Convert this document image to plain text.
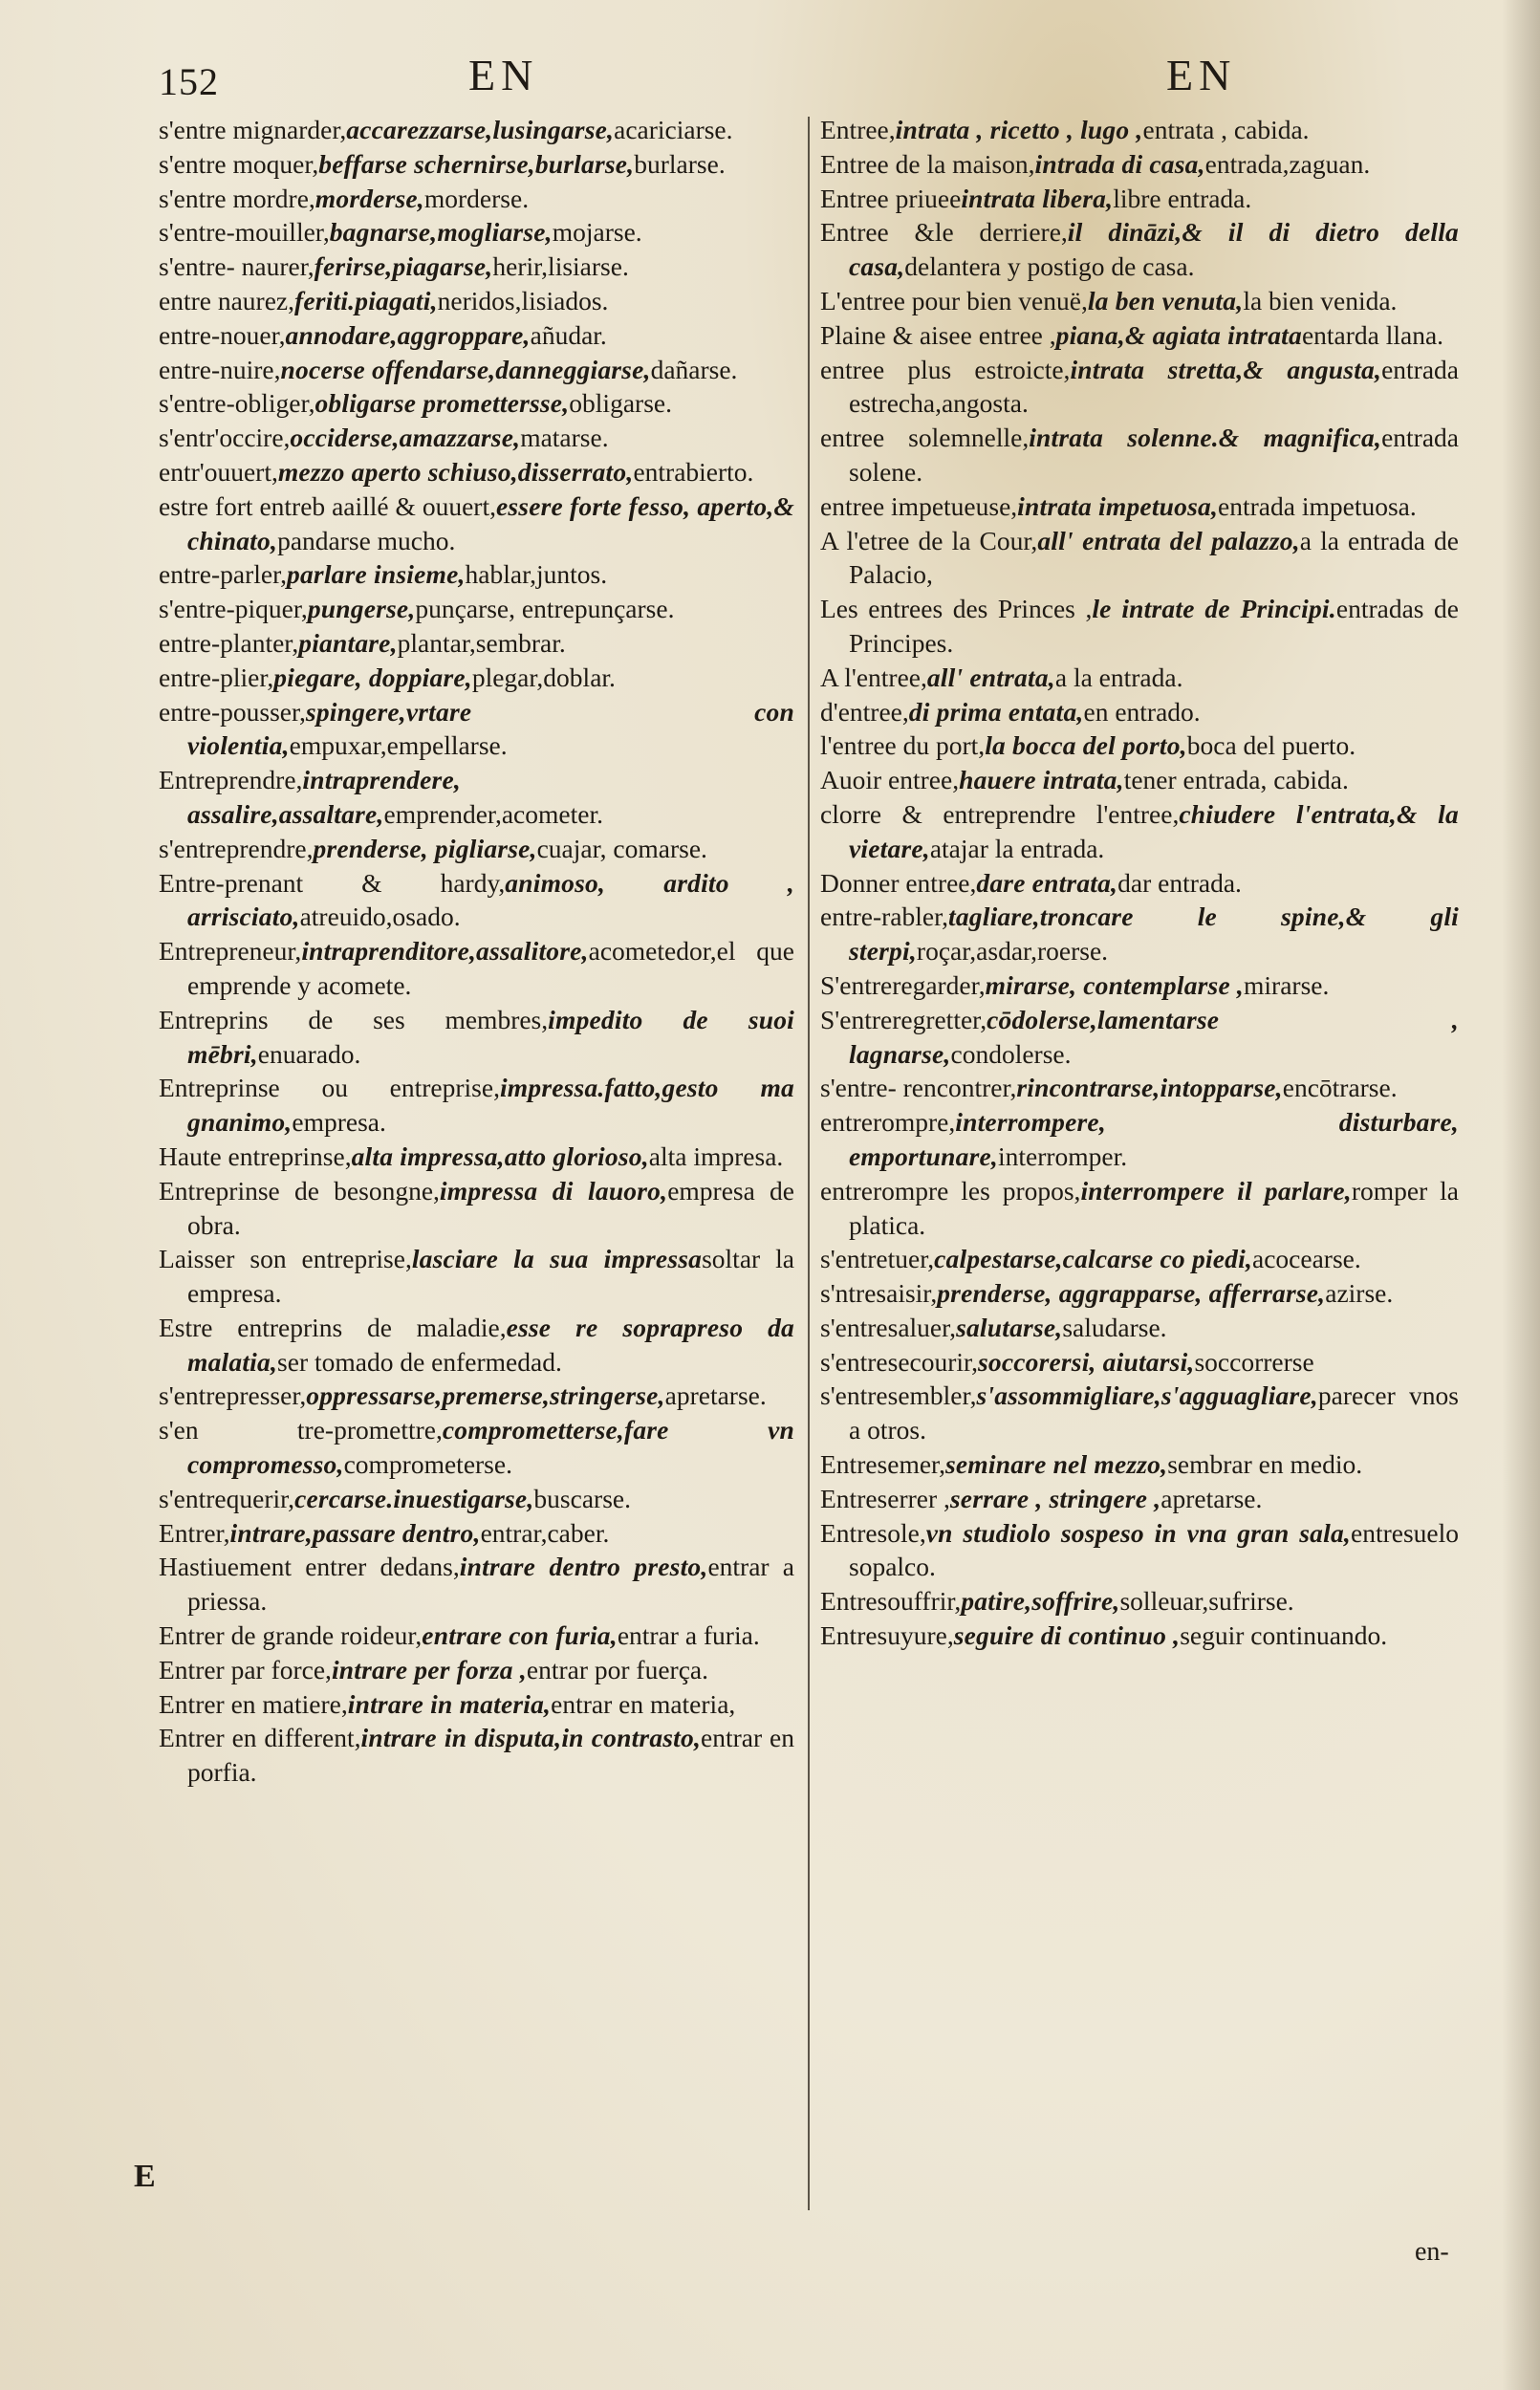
152	EN	EN

s'entre mignarder,accarezzarse,lusingarse,acariciarse.

s'entre moquer,beffarse schernirse,burlarse,burlarse.

s'entre mordre,morderse,morderse.

s'entre-mouiller,bagnarse,mogliarse,mojarse.

s'entre- naurer,ferirse,piagarse,herir,lisiarse.

entre naurez,feriti.piagati,neridos,lisiados.

entre-nouer,annodare,aggroppare,añudar.

entre-nuire,nocerse offendarse,danneggiarse,dañarse.

s'entre-obliger,obligarse promettersse,obligarse.

s'entr'occire,occiderse,amazzarse,matarse.

entr'ouuert,mezzo aperto schiuso,disserrato,entrabierto.

estre fort entreb aaillé & ouuert,essere forte fesso, aperto,& chinato,pandarse mucho.

entre-parler,parlare insieme,hablar,juntos.

s'entre-piquer,pungerse,punçarse, entrepunçarse.

entre-planter,piantare,plantar,sembrar.

entre-plier,piegare, doppiare,plegar,doblar.

entre-pousser,spingere,vrtare con violentia,empuxar,empellarse.

Entreprendre,intraprendere, assalire,assaltare,emprender,acometer.

s'entreprendre,prenderse, pigliarse,cuajar, comarse.

Entre-prenant & hardy,animoso, ardito , arrisciato,atreuido,osado.

Entrepreneur,intraprenditore,assalitore,acometedor,el que emprende y acomete.

Entreprins de ses membres,impedito de suoi mēbri,enuarado.

Entreprinse ou entreprise,impressa.fatto,gesto ma gnanimo,empresa.

Haute entreprinse,alta impressa,atto glorioso,alta impresa.

Entreprinse de besongne,impressa di lauoro,empresa de obra.

Laisser son entreprise,lasciare la sua impressasoltar la empresa.

Estre entreprins de maladie,esse re soprapreso da malatia,ser tomado de enfermedad.

s'entrepresser,oppressarse,premerse,stringerse,apretarse.

s'en tre-promettre,comprometterse,fare vn compromesso,comprometerse.

s'entrequerir,cercarse.inuestigarse,buscarse.

Entrer,intrare,passare dentro,entrar,caber.

Hastiuement entrer dedans,intrare dentro presto,entrar a priessa.

Entrer de grande roideur,entrare con furia,entrar a furia.

Entrer par force,intrare per forza ,entrar por fuerça.

Entrer en matiere,intrare in materia,entrar en materia,

Entrer en different,intrare in disputa,in contrasto,entrar en porfia.

Entree,intrata , ricetto , lugo ,entrata , cabida.

Entree de la maison,intrada di casa,entrada,zaguan.

Entree priueeintrata libera,libre entrada.

Entree &le derriere,il dināzi,& il di dietro della casa,delantera y postigo de casa.

L'entree pour bien venuë,la ben venuta,la bien venida.

Plaine & aisee entree ,piana,& agiata intrataentarda llana.

entree plus estroicte,intrata stretta,& angusta,entrada estrecha,angosta.

entree solemnelle,intrata solenne.& magnifica,entrada solene.

entree impetueuse,intrata impetuosa,entrada impetuosa.

A l'etree de la Cour,all' entrata del palazzo,a la entrada de Palacio,

Les entrees des Princes ,le intrate de Principi.entradas de Principes.

A l'entree,all' entrata,a la entrada.

d'entree,di prima entata,en entrado.

l'entree du port,la bocca del porto,boca del puerto.

Auoir entree,hauere intrata,tener entrada, cabida.

clorre & entreprendre l'entree,chiudere l'entrata,& la vietare,atajar la entrada.

Donner entree,dare entrata,dar entrada.

entre-rabler,tagliare,troncare le spine,& gli sterpi,roçar,asdar,roerse.

S'entreregarder,mirarse, contemplarse ,mirarse.

S'entreregretter,cōdolerse,lamentarse , lagnarse,condolerse.

s'entre- rencontrer,rincontrarse,intopparse,encōtrarse.

entrerompre,interrompere, disturbare, emportunare,interromper.

entrerompre les propos,interrompere il parlare,romper la platica.

s'entretuer,calpestarse,calcarse co piedi,acocearse.

s'ntresaisir,prenderse, aggrapparse, afferrarse,azirse.

s'entresaluer,salutarse,saludarse.

s'entresecourir,soccorersi, aiutarsi,soccorrerse

s'entresembler,s'assommigliare,s'agguagliare,parecer vnos a otros.

Entresemer,seminare nel mezzo,sembrar en medio.

Entreserrer ,serrare , stringere ,apretarse.

Entresole,vn studiolo sospeso in vna gran sala,entresuelo sopalco.

Entresouffrir,patire,soffrire,solleuar,sufrirse.

Entresuyure,seguire di continuo ,seguir continuando.

E
en-
